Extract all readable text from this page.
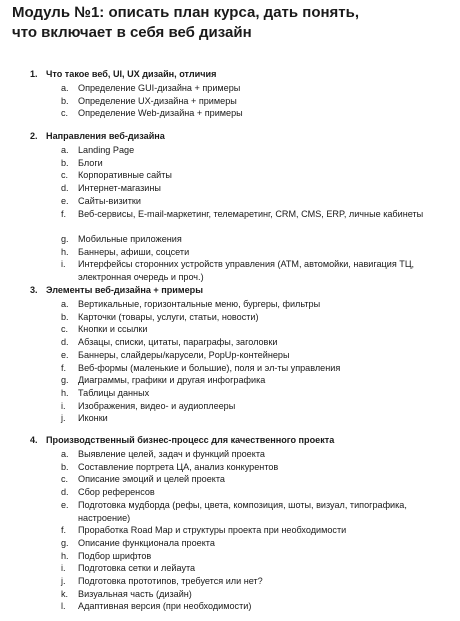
Модуль №1: описать план курса, дать понять,
что включает в себя веб дизайн
1. Что такое веб, UI, UX дизайн, отличия
a.	Определение GUI-дизайна + примеры
b.	Определение UX-дизайна + примеры
c.	Определение Web-дизайна + примеры
2. Направления веб-дизайна
a.	Landing Page
b.	Блоги
c.	Корпоративные сайты
d.	Интернет-магазины
e.	Сайты-визитки
f.	Веб-сервисы, E-mail-маркетинг, телемаретинг, CRM, CMS, ERP, личные кабинеты
g.	Мобильные приложения
h.	Баннеры, афиши, соцсети
i.	Интерфейсы сторонних устройств управления (АТМ, автомойки, навигация ТЦ, электронная очередь и проч.)
3. Элементы веб-дизайна + примеры
a.	Вертикальные, горизонтальные меню, бургеры, фильтры
b.	Карточки (товары, услуги, статьи, новости)
c.	Кнопки и ссылки
d.	Абзацы, списки, цитаты, параграфы, заголовки
e.	Баннеры, слайдеры/карусели, PopUp-контейнеры
f.	Веб-формы (маленькие и большие), поля и эл-ты управления
g.	Диаграммы, графики и другая инфографика
h.	Таблицы данных
i.	Изображения, видео- и аудиоплееры
j.	Иконки
4. Производственный бизнес-процесс для качественного проекта
a.	Выявление целей, задач и функций проекта
b.	Составление портрета ЦА, анализ конкурентов
c.	Описание эмоций и целей проекта
d.	Сбор референсов
e.	Подготовка мудборда (рефы, цвета, композиция, шоты, визуал, типографика, настроение)
f.	Проработка Road Map и структуры проекта при необходимости
g.	Описание функционала проекта
h.	Подбор шрифтов
i.	Подготовка сетки и лейаута
j.	Подготовка прототипов, требуется или нет?
k.	Визуальная часть (дизайн)
l.	Адаптивная версия (при необходимости)
